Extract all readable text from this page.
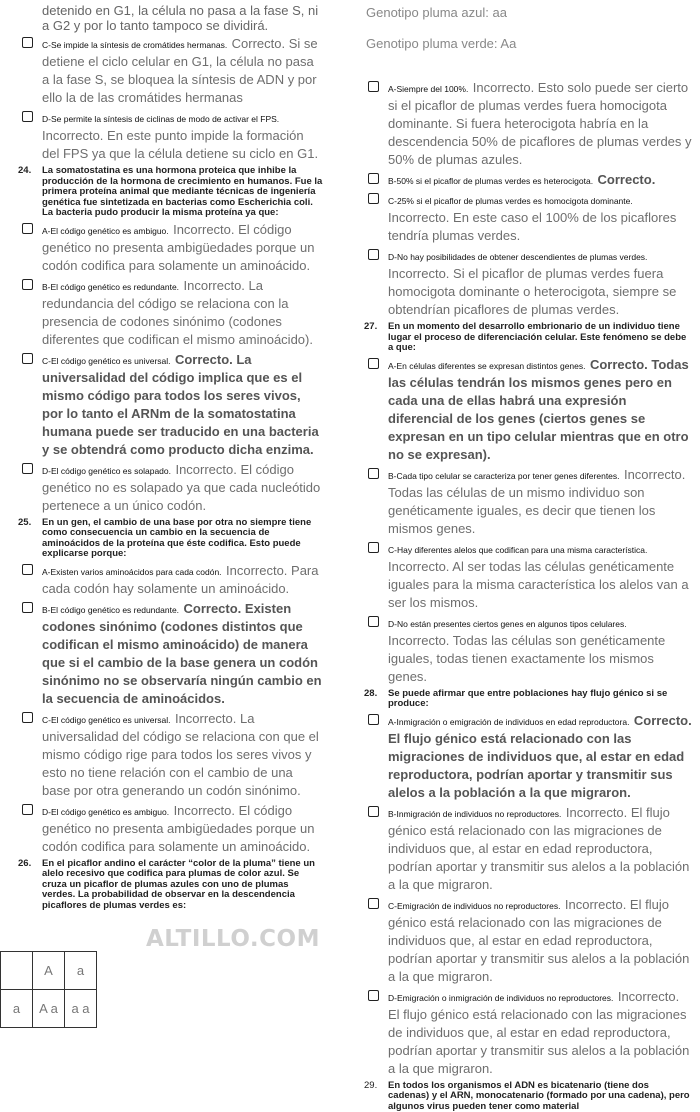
detenido en G1, la célula no pasa a la fase S, ni a G2 y por lo tanto tampoco se dividirá.
C-Se impide la síntesis de cromátides hermanas. Correcto. Si se detiene el ciclo celular en G1, la célula no pasa a la fase S, se bloquea la síntesis de ADN y por ello la de las cromátides hermanas
D-Se permite la síntesis de ciclinas de modo de activar el FPS. Incorrecto. En este punto impide la formación del FPS ya que la célula detiene su ciclo en G1.
24.	La somatostatina es una hormona proteica que inhibe la producción de la hormona de crecimiento en humanos. Fue la primera proteína animal que mediante técnicas de ingeniería genética fue sintetizada en bacterias como Escherichia coli. La bacteria pudo producir la misma proteína ya que:
A-El código genético es ambiguo. Incorrecto. El código genético no presenta ambigüedades porque un codón codifica para solamente un aminoácido.
B-El código genético es redundante. Incorrecto. La redundancia del código se relaciona con la presencia de codones sinónimo (codones diferentes que codifican el mismo aminoácido).
C-El código genético es universal. Correcto. La universalidad del código implica que es el mismo código para todos los seres vivos, por lo tanto el ARNm de la somatostatina humana puede ser traducido en una bacteria y se obtendrá como producto dicha enzima.
D-El código genético es solapado. Incorrecto. El código genético no es solapado ya que cada nucleótido pertenece a un único codón.
25.	En un gen, el cambio de una base por otra no siempre tiene como consecuencia un cambio en la secuencia de aminoácidos de la proteína que éste codifica. Esto puede explicarse porque:
A-Existen varios aminoácidos para cada codón. Incorrecto. Para cada codón hay solamente un aminoácido.
B-El código genético es redundante. Correcto. Existen codones sinónimo (codones distintos que codifican el mismo aminoácido) de manera que si el cambio de la base genera un codón sinónimo no se observaría ningún cambio en la secuencia de aminoácidos.
C-El código genético es universal. Incorrecto. La universalidad del código se relaciona con que el mismo código rige para todos los seres vivos y esto no tiene relación con el cambio de una base por otra generando un codón sinónimo.
D-El código genético es ambiguo. Incorrecto. El código genético no presenta ambigüedades porque un codón codifica para solamente un aminoácido.
26.	En el picaflor andino el carácter “color de la pluma” tiene un alelo recesivo que codifica para plumas de color azul. Se cruza un picaflor de plumas azules con uno de plumas verdes. La probabilidad de observar en la descendencia picaflores de plumas verdes es:
ALTILLO.COM
	A	a
a	A a	a a
Genotipo pluma azul: aa
Genotipo pluma verde: Aa
A-Siempre del 100%. Incorrecto. Esto solo puede ser cierto si el picaflor de plumas verdes fuera homocigota dominante. Si fuera heterocigota habría en la descendencia 50% de picaflores de plumas verdes y 50% de plumas azules.
B-50% si el picaflor de plumas verdes es heterocigota. Correcto.
C-25% si el picaflor de plumas verdes es homocigota dominante. Incorrecto. En este caso el 100% de los picaflores tendría plumas verdes.
D-No hay posibilidades de obtener descendientes de plumas verdes. Incorrecto. Si el picaflor de plumas verdes fuera homocigota dominante o heterocigota, siempre se obtendrían picaflores de plumas verdes.
27.	En un momento del desarrollo embrionario de un individuo tiene lugar el proceso de diferenciación celular. Este fenómeno se debe a que:
A-En células diferentes se expresan distintos genes. Correcto. Todas las células tendrán los mismos genes pero en cada una de ellas habrá una expresión diferencial de los genes (ciertos genes se expresan en un tipo celular mientras que en otro no se expresan).
B-Cada tipo celular se caracteriza por tener genes diferentes. Incorrecto. Todas las células de un mismo individuo son genéticamente iguales, es decir que tienen los mismos genes.
C-Hay diferentes alelos que codifican para una misma característica. Incorrecto. Al ser todas las células genéticamente iguales para la misma característica los alelos van a ser los mismos.
D-No están presentes ciertos genes en algunos tipos celulares. Incorrecto. Todas las células son genéticamente iguales, todas tienen exactamente los mismos genes.
28.	Se puede afirmar que entre poblaciones hay flujo génico si se produce:
A-Inmigración o emigración de individuos en edad reproductora. Correcto. El flujo génico está relacionado con las migraciones de individuos que, al estar en edad reproductora, podrían aportar y transmitir sus alelos a la población a la que migraron.
B-Inmigración de individuos no reproductores. Incorrecto. El flujo génico está relacionado con las migraciones de individuos que, al estar en edad reproductora, podrían aportar y transmitir sus alelos a la población a la que migraron.
C-Emigración de individuos no reproductores. Incorrecto. El flujo génico está relacionado con las migraciones de individuos que, al estar en edad reproductora, podrían aportar y transmitir sus alelos a la población a la que migraron.
D-Emigración o inmigración de individuos no reproductores. Incorrecto. El flujo génico está relacionado con las migraciones de individuos que, al estar en edad reproductora, podrían aportar y transmitir sus alelos a la población a la que migraron.
29.	En todos los organismos el ADN es bicatenario (tiene dos cadenas) y el ARN, monocatenario (formado por una cadena), pero algunos virus pueden tener como material
